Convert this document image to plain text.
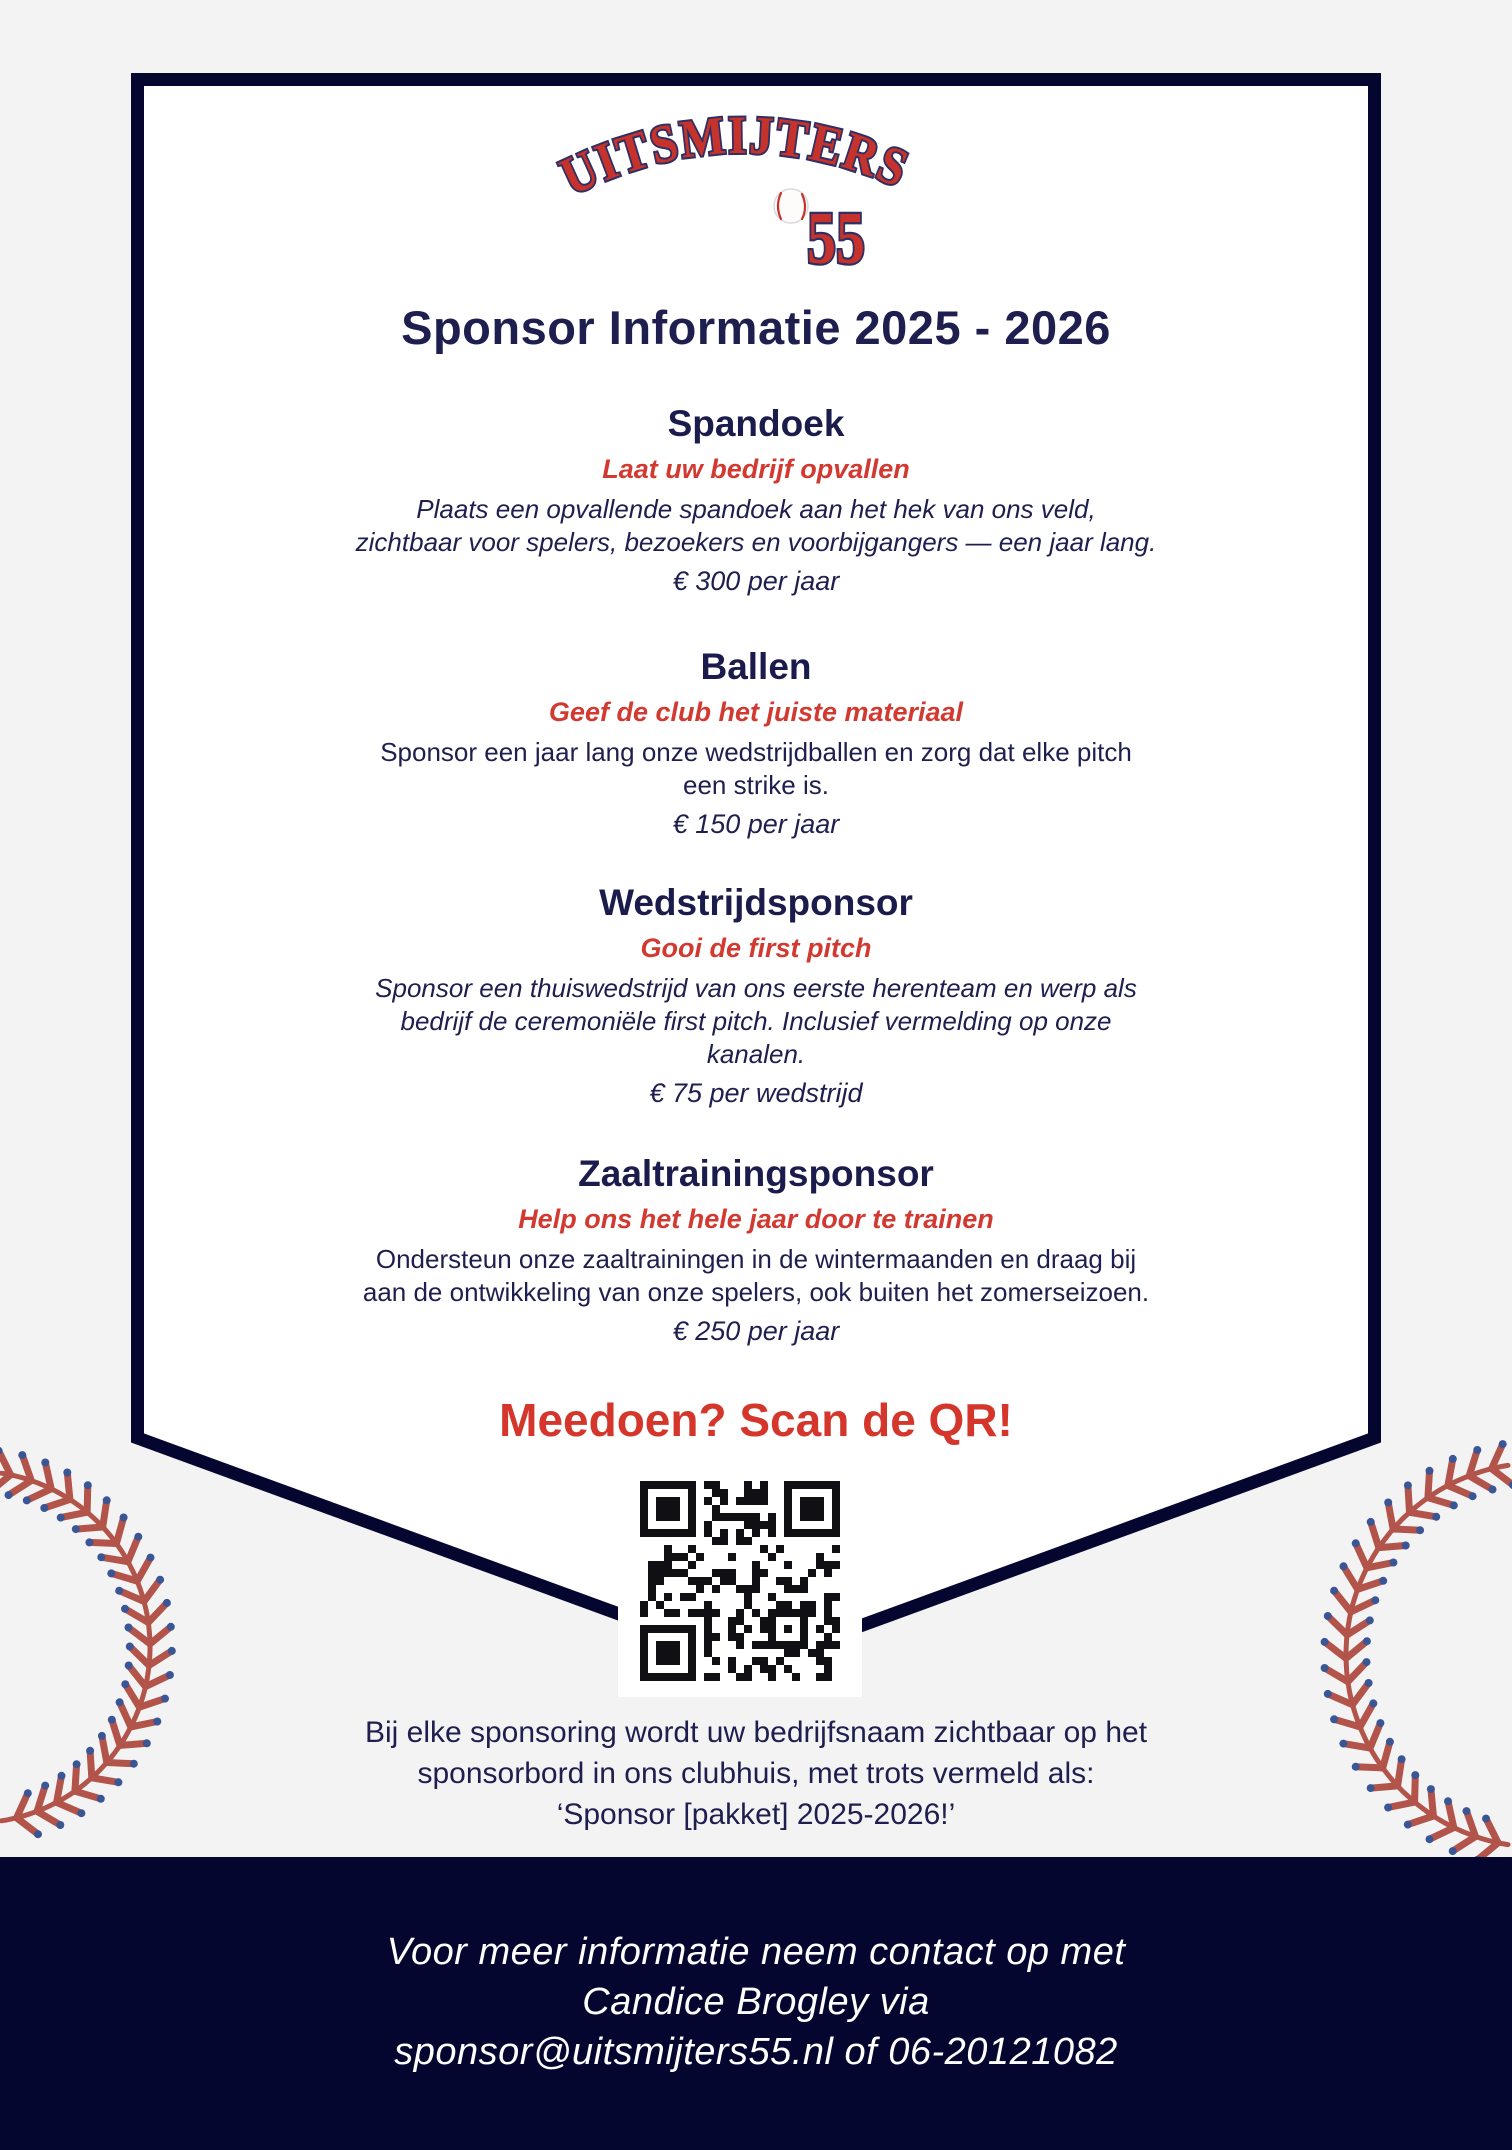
UITSMIJTERS
55
Sponsor Informatie 2025 - 2026
Spandoek
Laat uw bedrijf opvallen
Plaats een opvallende spandoek aan het hek van ons veld,
zichtbaar voor spelers, bezoekers en voorbijgangers — een jaar lang.
€ 300 per jaar
Ballen
Geef de club het juiste materiaal
Sponsor een jaar lang onze wedstrijdballen en zorg dat elke pitch
een strike is.
€ 150 per jaar
Wedstrijdsponsor
Gooi de first pitch
Sponsor een thuiswedstrijd van ons eerste herenteam en werp als
bedrijf de ceremoniële first pitch. Inclusief vermelding op onze
kanalen.
€ 75 per wedstrijd
Zaaltrainingsponsor
Help ons het hele jaar door te trainen
Ondersteun onze zaaltrainingen in de wintermaanden en draag bij
aan de ontwikkeling van onze spelers, ook buiten het zomerseizoen.
€ 250 per jaar
Meedoen? Scan de QR!
Bij elke sponsoring wordt uw bedrijfsnaam zichtbaar op het
sponsorbord in ons clubhuis, met trots vermeld als:
‘Sponsor [pakket] 2025-2026!’
Voor meer informatie neem contact op met
Candice Brogley via
sponsor@uitsmijters55.nl of 06-20121082
